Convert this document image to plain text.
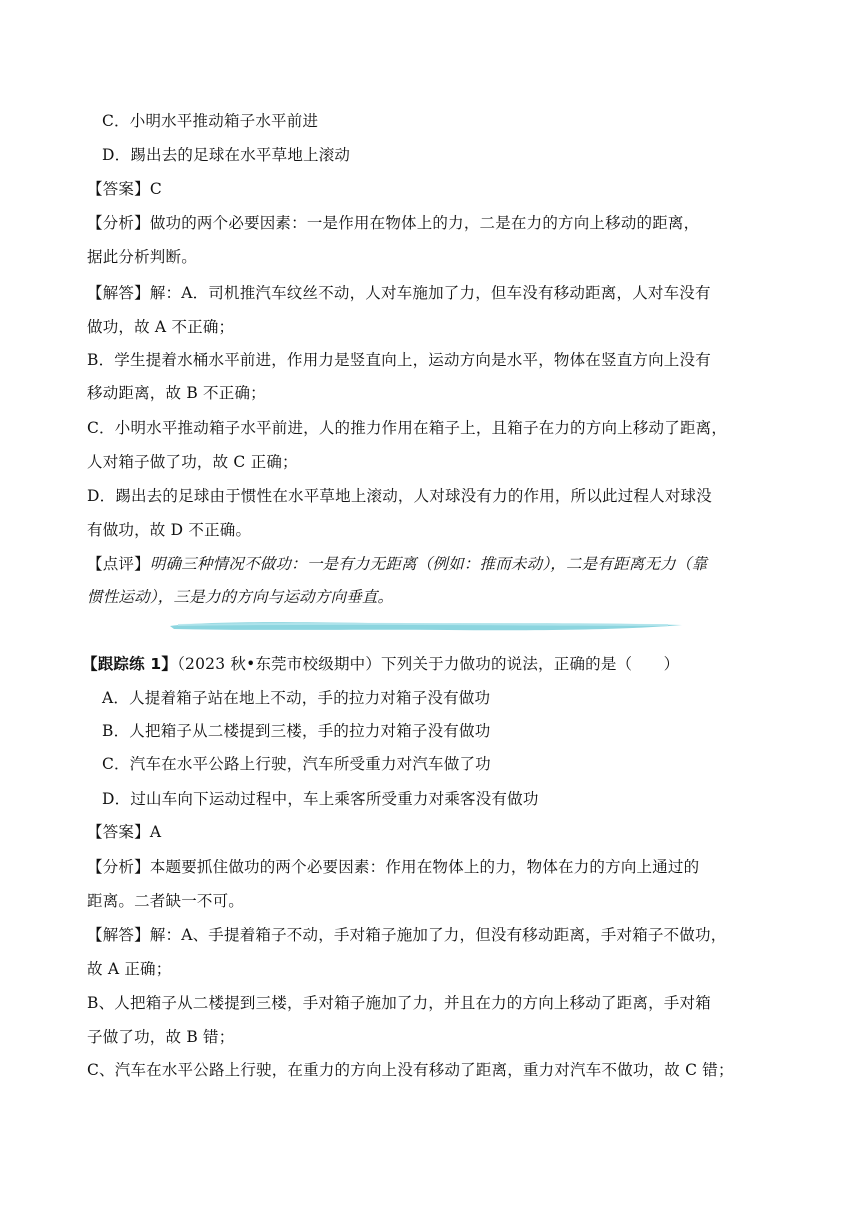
C．小明水平推动箱子水平前进
D．踢出去的足球在水平草地上滚动
【答案】C
【分析】做功的两个必要因素：一是作用在物体上的力，二是在力的方向上移动的距离，
据此分析判断。
【解答】解：A．司机推汽车纹丝不动，人对车施加了力，但车没有移动距离，人对车没有
做功，故 A 不正确；
B．学生提着水桶水平前进，作用力是竖直向上，运动方向是水平，物体在竖直方向上没有
移动距离，故 B 不正确；
C．小明水平推动箱子水平前进，人的推力作用在箱子上，且箱子在力的方向上移动了距离，
人对箱子做了功，故 C 正确；
D．踢出去的足球由于惯性在水平草地上滚动，人对球没有力的作用，所以此过程人对球没
有做功，故 D 不正确。
【点评】明确三种情况不做功：一是有力无距离（例如：推而未动），二是有距离无力（靠
惯性运动），三是力的方向与运动方向垂直。
【跟踪练 1】（2023 秋•东莞市校级期中）下列关于力做功的说法，正确的是（　　）
A．人提着箱子站在地上不动，手的拉力对箱子没有做功
B．人把箱子从二楼提到三楼，手的拉力对箱子没有做功
C．汽车在水平公路上行驶，汽车所受重力对汽车做了功
D．过山车向下运动过程中，车上乘客所受重力对乘客没有做功
【答案】A
【分析】本题要抓住做功的两个必要因素：作用在物体上的力，物体在力的方向上通过的
距离。二者缺一不可。
【解答】解：A、手提着箱子不动，手对箱子施加了力，但没有移动距离，手对箱子不做功，
故 A 正确；
B、人把箱子从二楼提到三楼，手对箱子施加了力，并且在力的方向上移动了距离，手对箱
子做了功，故 B 错；
C、汽车在水平公路上行驶，在重力的方向上没有移动了距离，重力对汽车不做功，故 C 错；
